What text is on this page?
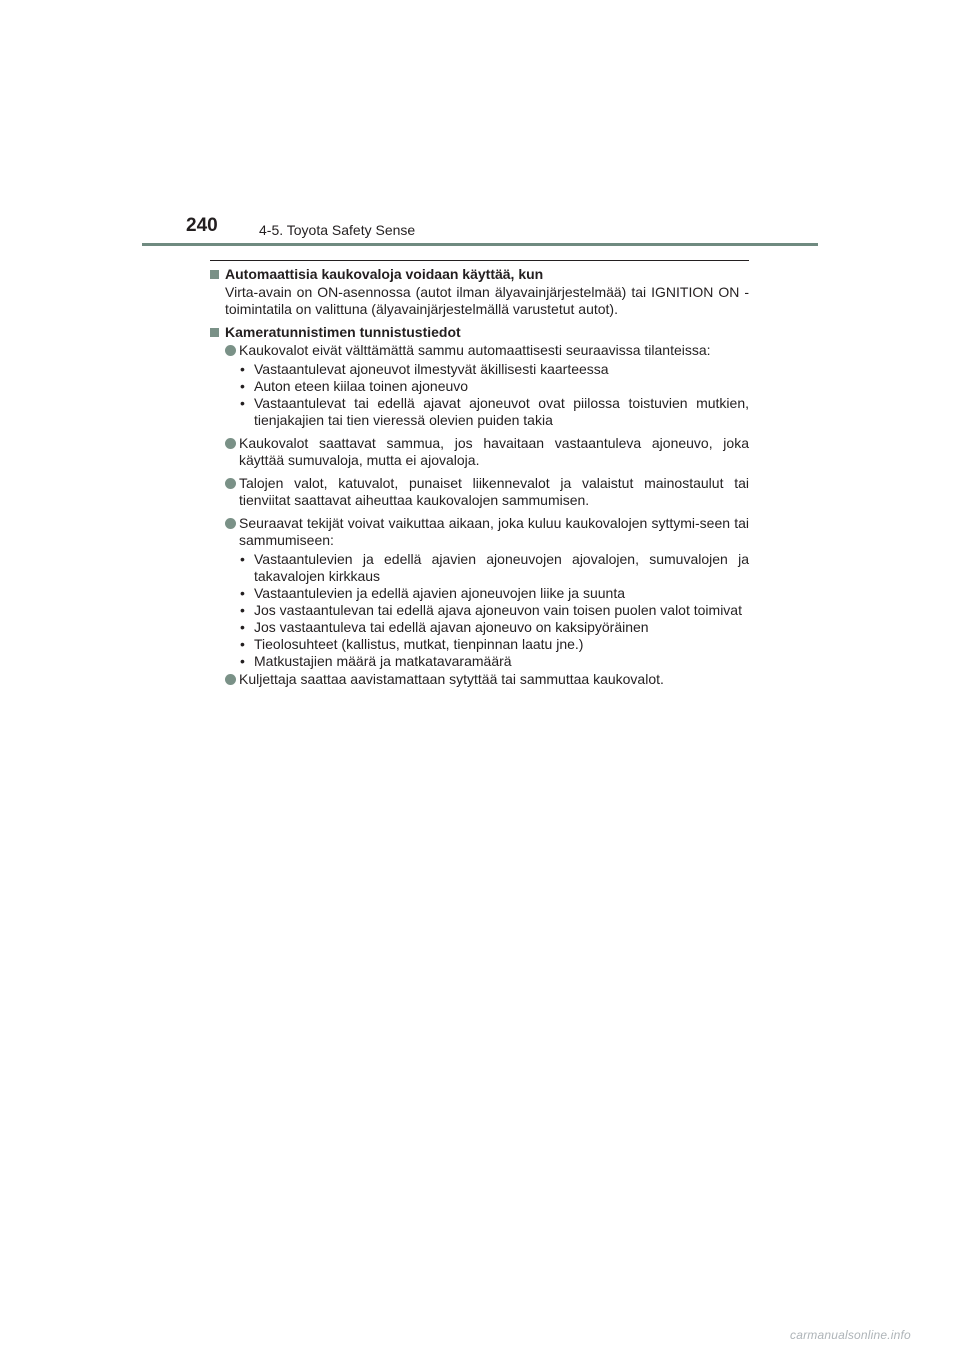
240	4-5. Toyota Safety Sense
Automaattisia kaukovaloja voidaan käyttää, kun
Virta-avain on ON-asennossa (autot ilman älyavainjärjestelmää) tai IGNITION ON -toimintatila on valittuna (älyavainjärjestelmällä varustetut autot).
Kameratunnistimen tunnistustiedot
Kaukovalot eivät välttämättä sammu automaattisesti seuraavissa tilanteissa:
• Vastaantulevat ajoneuvot ilmestyvät äkillisesti kaarteessa
• Auton eteen kiilaa toinen ajoneuvo
• Vastaantulevat tai edellä ajavat ajoneuvot ovat piilossa toistuvien mutkien, tienjakajien tai tien vieressä olevien puiden takia
Kaukovalot saattavat sammua, jos havaitaan vastaantuleva ajoneuvo, joka käyttää sumuvaloja, mutta ei ajovaloja.
Talojen valot, katuvalot, punaiset liikennevalot ja valaistut mainostaulut tai tienviitat saattavat aiheuttaa kaukovalojen sammumisen.
Seuraavat tekijät voivat vaikuttaa aikaan, joka kuluu kaukovalojen syttymi-seen tai sammumiseen:
• Vastaantulevien ja edellä ajavien ajoneuvojen ajovalojen, sumuvalojen ja takavalojen kirkkaus
• Vastaantulevien ja edellä ajavien ajoneuvojen liike ja suunta
• Jos vastaantulevan tai edellä ajava ajoneuvon vain toisen puolen valot toimivat
• Jos vastaantuleva tai edellä ajavan ajoneuvo on kaksipyöräinen
• Tieolosuhteet (kallistus, mutkat, tienpinnan laatu jne.)
• Matkustajien määrä ja matkatavaramäärä
Kuljettaja saattaa aavistamattaan sytyttää tai sammuttaa kaukovalot.
carmanualsonline.info
